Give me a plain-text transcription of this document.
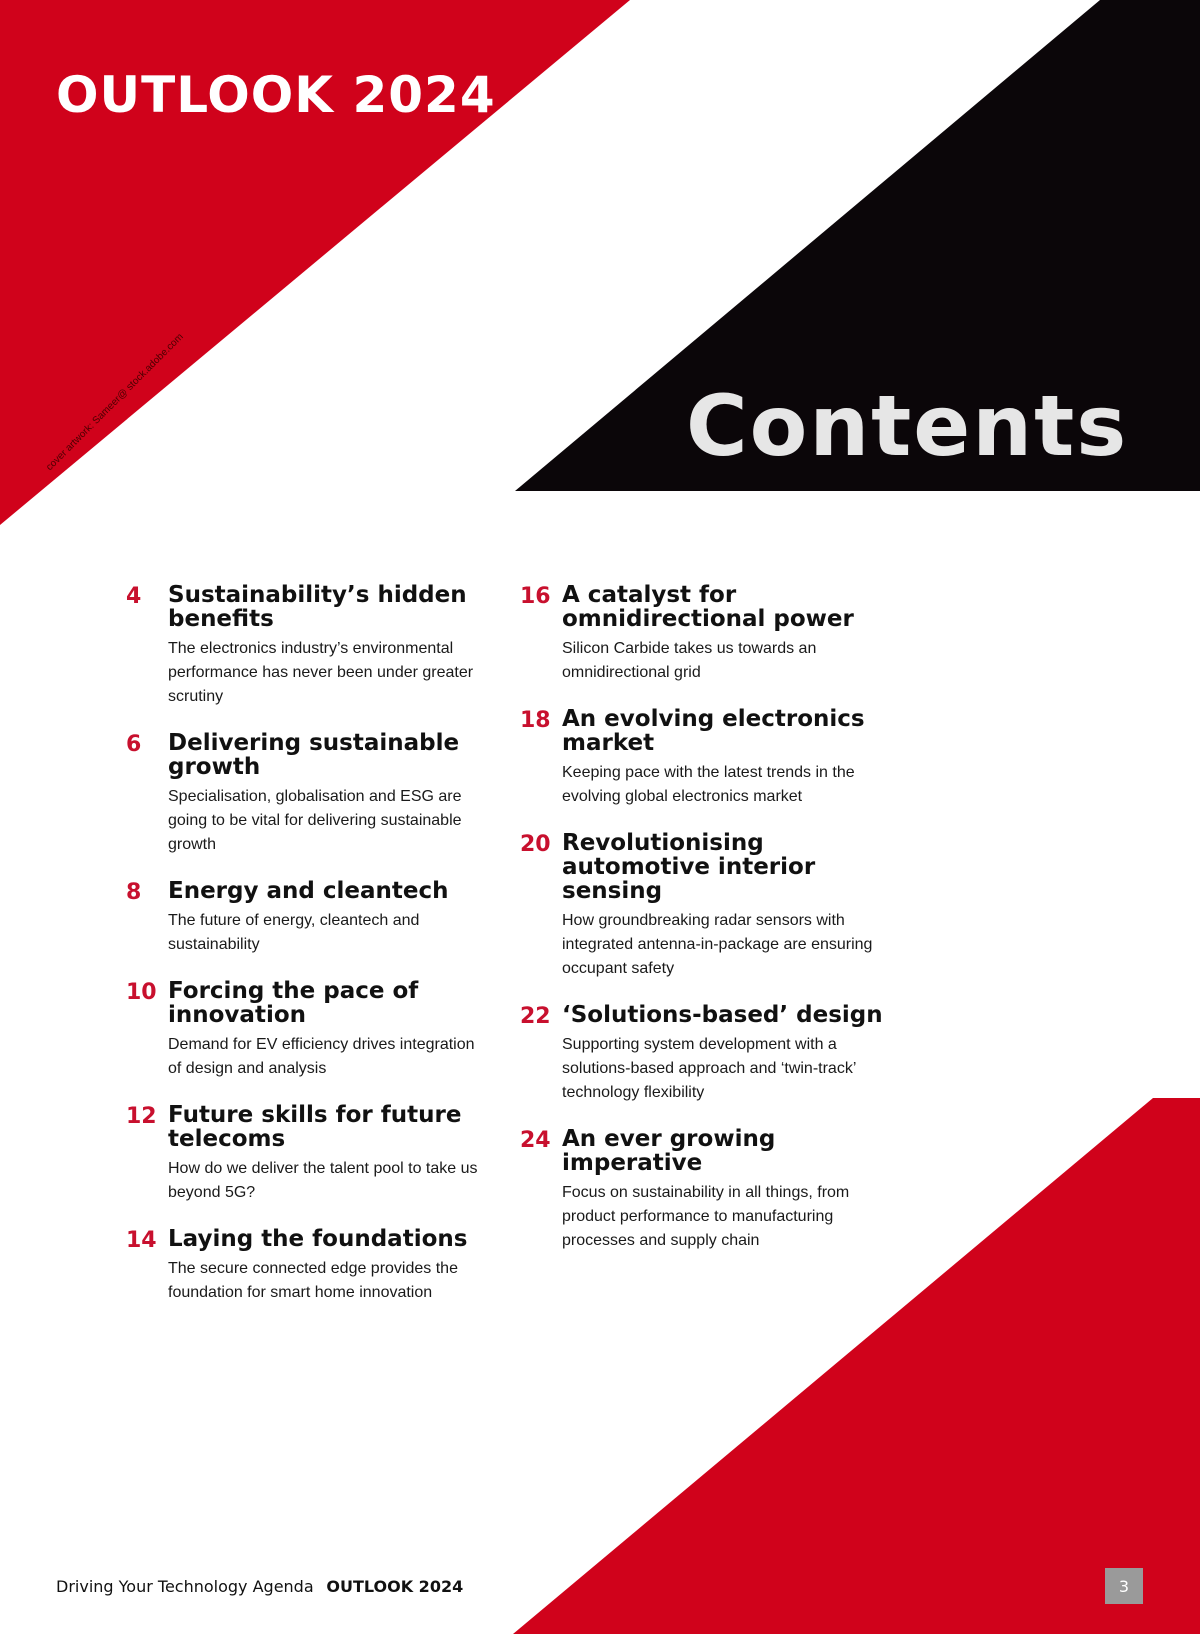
OUTLOOK 2024
cover artwork: Sameer@ stock.adobe.com	Contents
4 Sustainability’s hidden benefits

The electronics industry’s environmental performance has never been under greater scrutiny

6 Delivering sustainable growth

Specialisation, globalisation and ESG are going to be vital for delivering sustainable growth

8 Energy and cleantech

The future of energy, cleantech and sustainability

10 Forcing the pace of innovation

Demand for EV efficiency drives integration of design and analysis

12 Future skills for future telecoms

How do we deliver the talent pool to take us beyond 5G?

14 Laying the foundations

The secure connected edge provides the foundation for smart home innovation

16 A catalyst for omnidirectional power

Silicon Carbide takes us towards an omnidirectional grid

18 An evolving electronics market

Keeping pace with the latest trends in the evolving global electronics market

20 Revolutionising automotive interior sensing

How groundbreaking radar sensors with integrated antenna-in-package are ensuring occupant safety

22 ‘Solutions-based’ design

Supporting system development with a solutions-based approach and ‘twin-track’ technology flexibility

24 An ever growing imperative

Focus on sustainability in all things, from product performance to manufacturing processes and supply chain

Driving Your Technology Agenda OUTLOOK 2024	3
